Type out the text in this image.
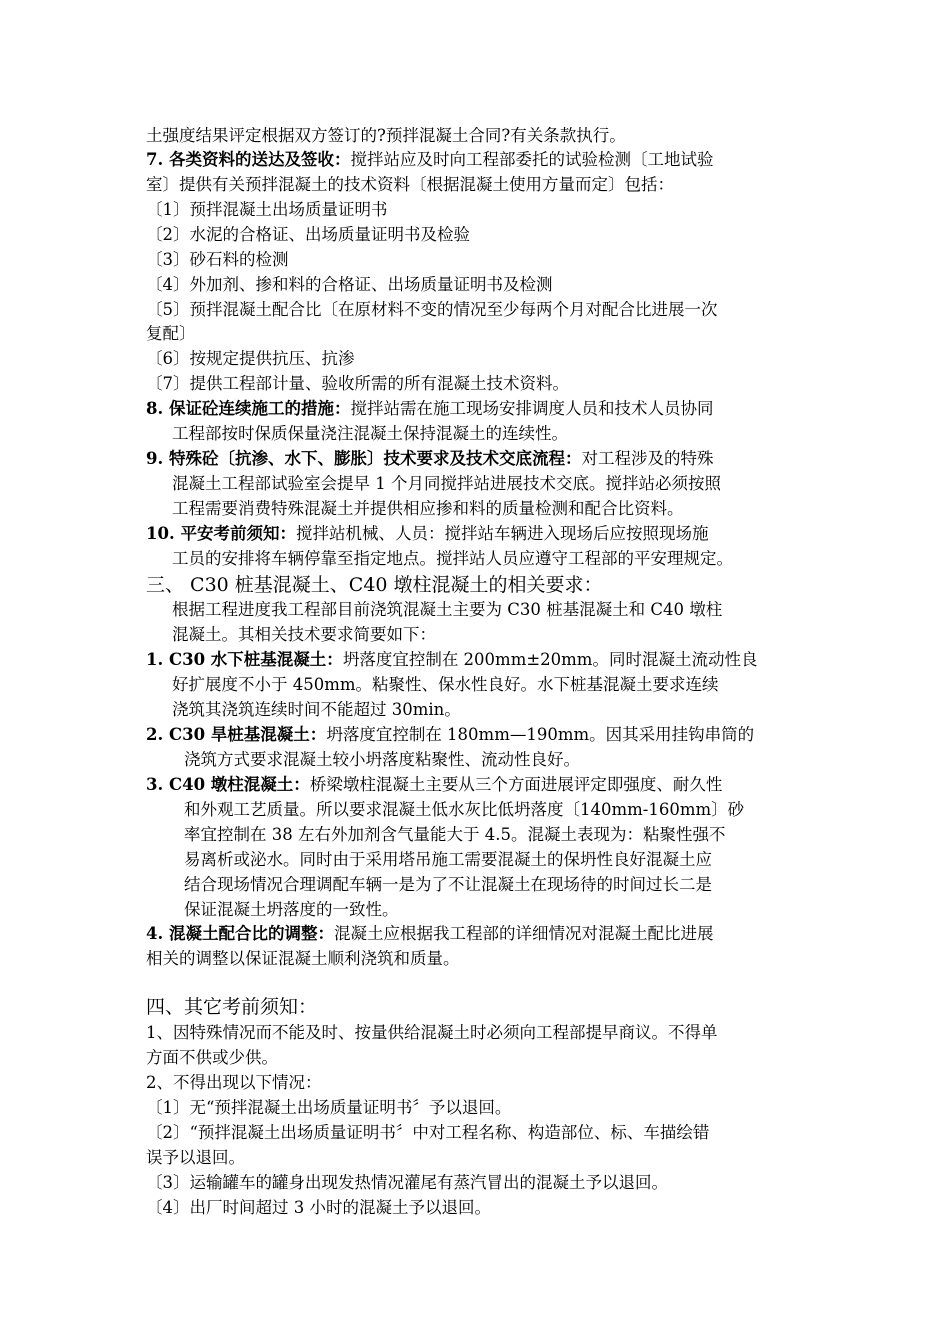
土强度结果评定根据双方签订的?预拌混凝土合同?有关条款执行。
7. 各类资料的送达及签收：搅拌站应及时向工程部委托的试验检测〔工地试验
室〕提供有关预拌混凝土的技术资料〔根据混凝土使用方量而定〕包括：
〔1〕预拌混凝土出场质量证明书
〔2〕水泥的合格证、出场质量证明书及检验
〔3〕砂石料的检测
〔4〕外加剂、掺和料的合格证、出场质量证明书及检测
〔5〕预拌混凝土配合比〔在原材料不变的情况至少每两个月对配合比进展一次
复配〕
〔6〕按规定提供抗压、抗渗
〔7〕提供工程部计量、验收所需的所有混凝土技术资料。
8. 保证砼连续施工的措施：搅拌站需在施工现场安排调度人员和技术人员协同
工程部按时保质保量浇注混凝土保持混凝土的连续性。
9. 特殊砼〔抗渗、水下、膨胀〕技术要求及技术交底流程：对工程涉及的特殊
混凝土工程部试验室会提早 1 个月同搅拌站进展技术交底。搅拌站必须按照
工程需要消费特殊混凝土并提供相应掺和料的质量检测和配合比资料。
10. 平安考前须知：搅拌站机械、人员：搅拌站车辆进入现场后应按照现场施
工员的安排将车辆停靠至指定地点。搅拌站人员应遵守工程部的平安理规定。
三、 C30 桩基混凝土、C40 墩柱混凝土的相关要求：
根据工程进度我工程部目前浇筑混凝土主要为 C30 桩基混凝土和 C40 墩柱
混凝土。其相关技术要求简要如下：
1. C30 水下桩基混凝土：坍落度宜控制在 200mm±20mm。同时混凝土流动性良
好扩展度不小于 450mm。粘聚性、保水性良好。水下桩基混凝土要求连续
浇筑其浇筑连续时间不能超过 30min。
2. C30 旱桩基混凝土：坍落度宜控制在 180mm—190mm。因其采用挂钩串筒的
浇筑方式要求混凝土较小坍落度粘聚性、流动性良好。
3. C40 墩柱混凝土：桥梁墩柱混凝土主要从三个方面进展评定即强度、耐久性
和外观工艺质量。所以要求混凝土低水灰比低坍落度〔140mm-160mm〕砂
率宜控制在 38 左右外加剂含气量能大于 4.5。混凝土表现为：粘聚性强不
易离析或泌水。同时由于采用塔吊施工需要混凝土的保坍性良好混凝土应
结合现场情况合理调配车辆一是为了不让混凝土在现场待的时间过长二是
保证混凝土坍落度的一致性。
4. 混凝土配合比的调整：混凝土应根据我工程部的详细情况对混凝土配比进展
相关的调整以保证混凝土顺利浇筑和质量。
四、其它考前须知：
1、因特殊情况而不能及时、按量供给混凝土时必须向工程部提早商议。不得单
方面不供或少供。
2、不得出现以下情况：
〔1〕无“预拌混凝土出场质量证明书〞予以退回。
〔2〕“预拌混凝土出场质量证明书〞中对工程名称、构造部位、标、车描绘错
误予以退回。
〔3〕运输罐车的罐身出现发热情况灌尾有蒸汽冒出的混凝土予以退回。
〔4〕出厂时间超过 3 小时的混凝土予以退回。
